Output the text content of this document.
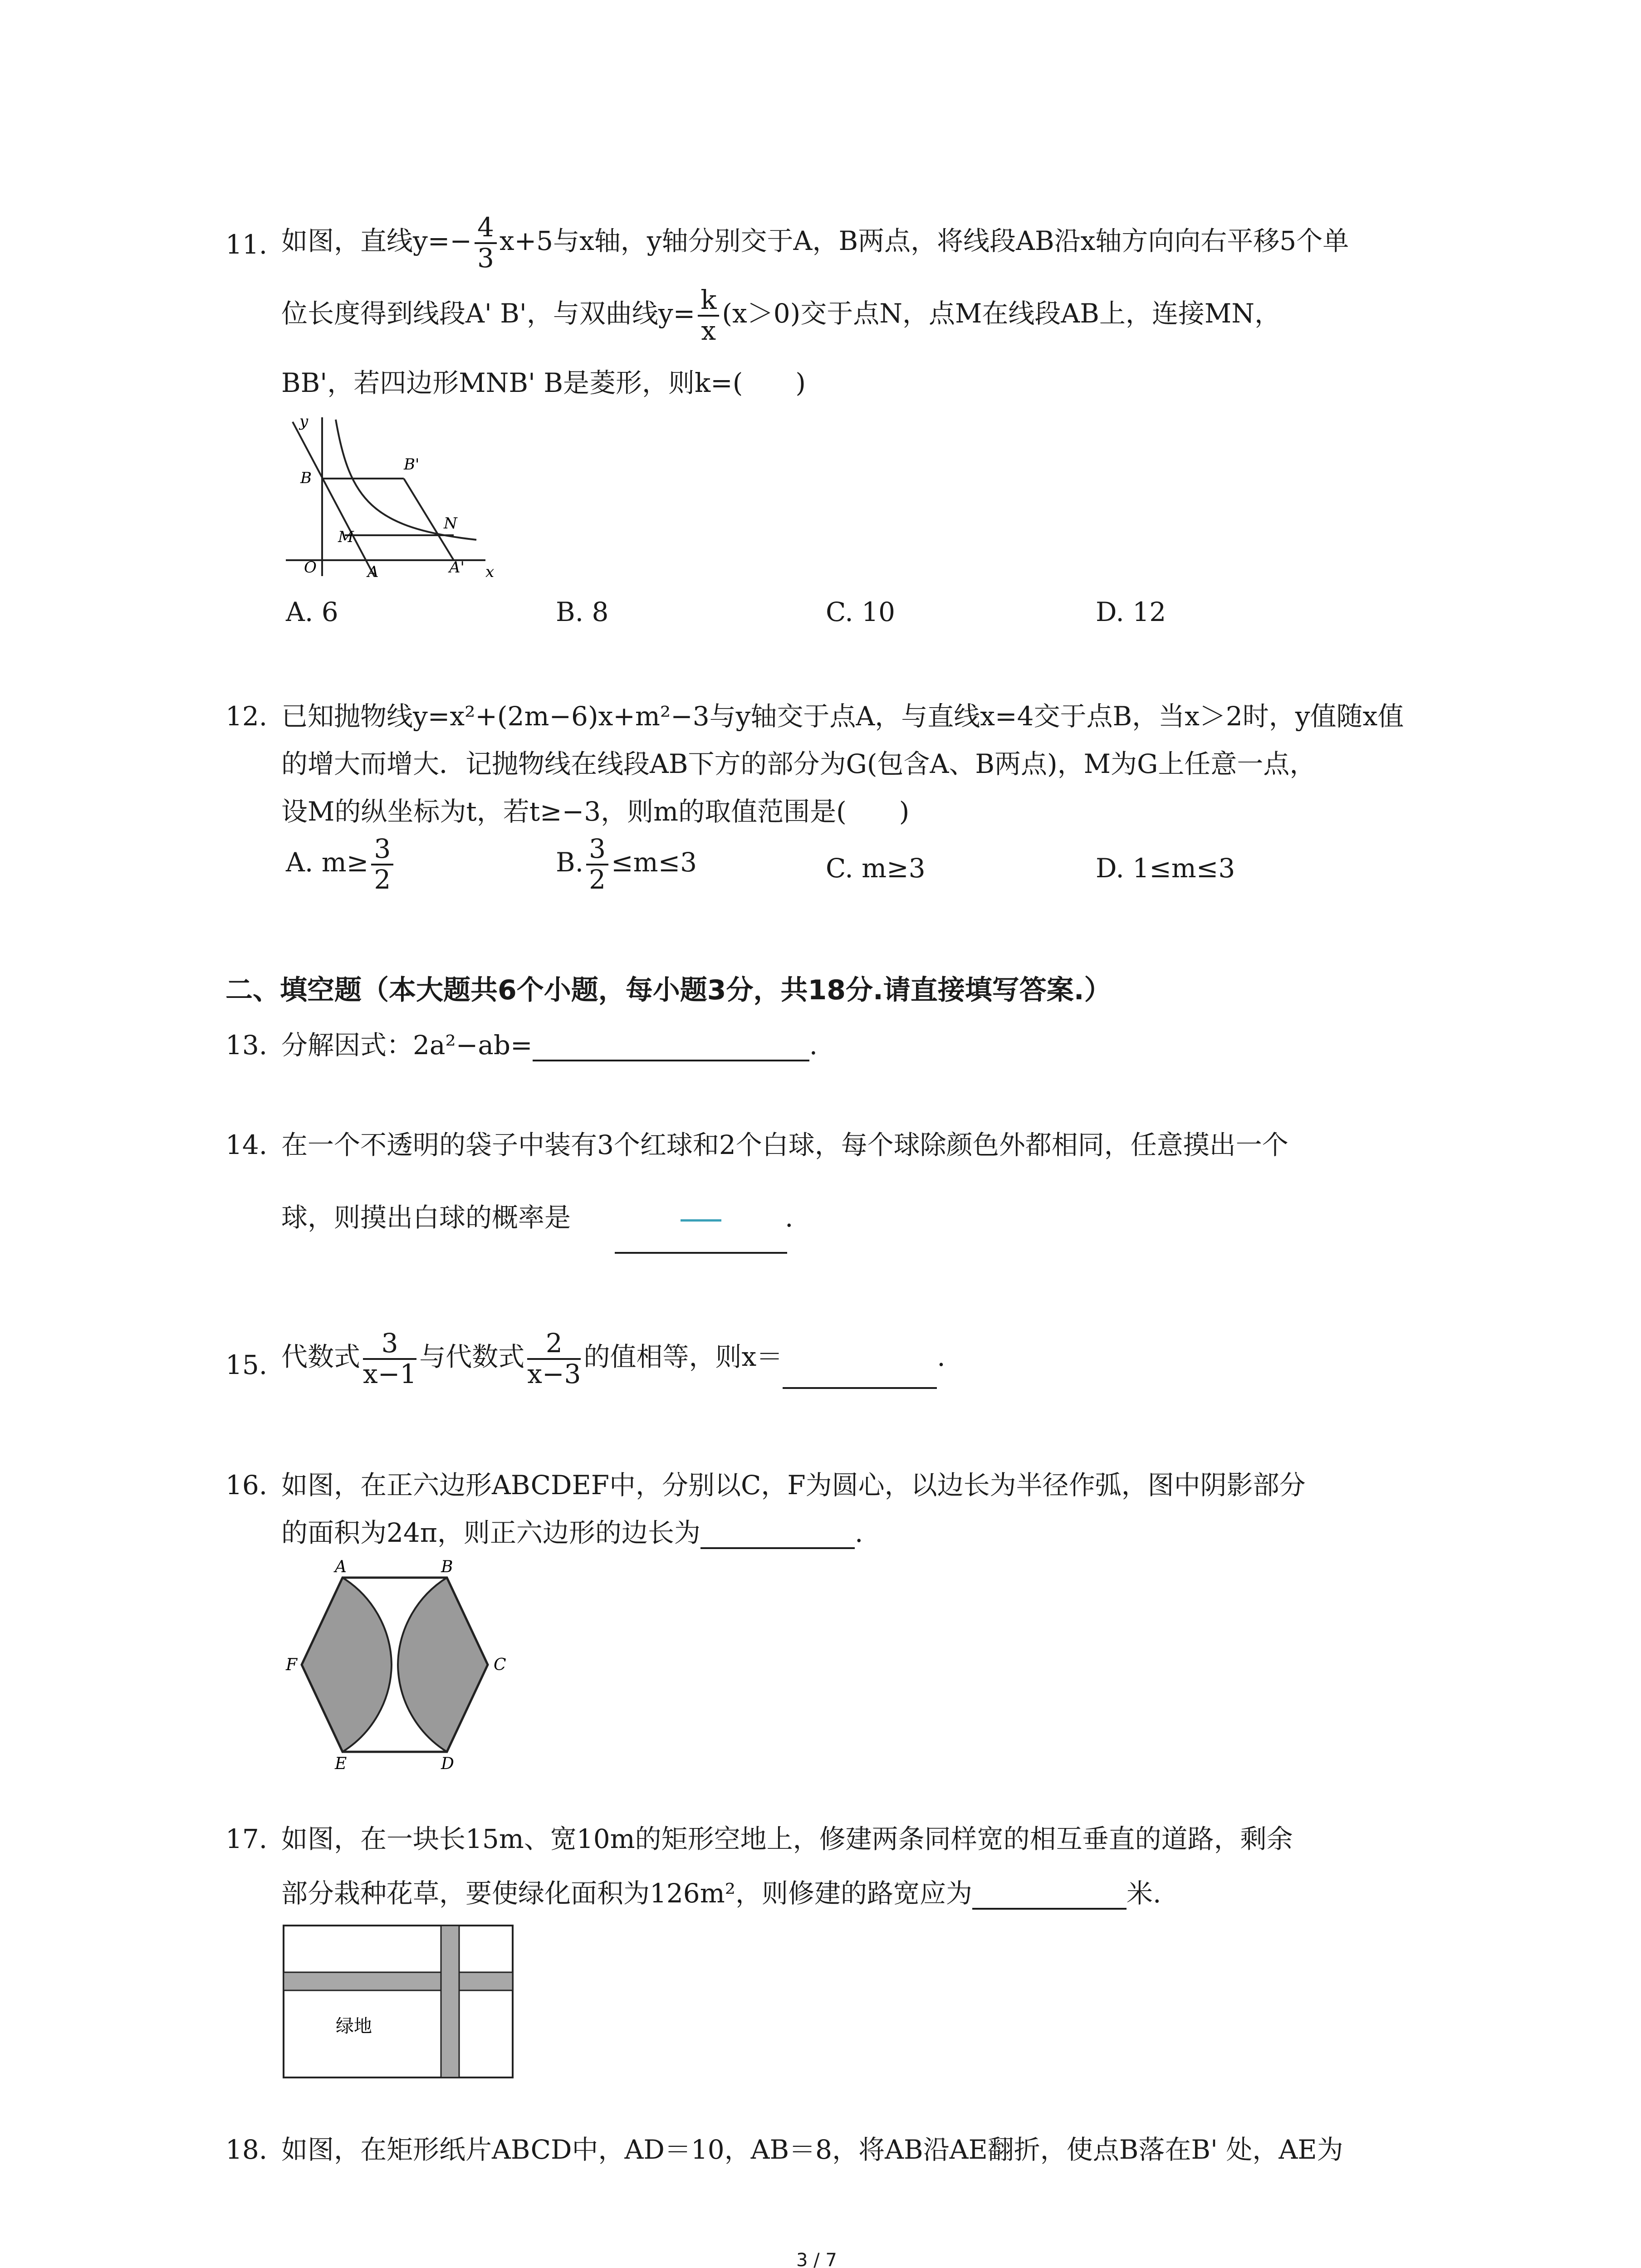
11. 如图，直线$y=- \frac{4}{3} x+5$与x轴，y轴分别交于A，B两点，将线段AB沿x轴方向向右平移5个单
位长度得到线段A' B'，与双曲线$y= \frac{k}{x} (x>0)$交于点N，点M在线段AB上，连接MN，
BB'，若四边形MNB' B是菱形，则k=(　　)
y
B
B'
M
N
O	A	A' x
A. 6	B. 8	C. 10	D. 12
12. 已知抛物线y=x²+(2m−6)x+m²−3与y轴交于点A，与直线x=4交于点B，当x＞2时，y值随x值
的增大而增大．记抛物线在线段AB下方的部分为G(包含A、B两点)，M为G上任意一点，
设M的纵坐标为t，若t≥−3，则m的取值范围是(　　)
A. $m\ge \frac{3}{2}$	B. $\frac{3}{2} \le m\le 3$	C. m≥3	D. 1≤m≤3
二、填空题（本大题共6个小题，每小题3分，共18分.请直接填写答案.）
13. 分解因式：2a²−ab=	.
14. 在一个不透明的袋子中装有3个红球和2个白球，每个球除颜色外都相同，任意摸出一个
球，则摸出白球的概率是	.
15. 代数式 $\frac{3}{x-1}$ 与代数式 $\frac{2}{x-3}$ 的值相等，则x＝	.
16. 如图，在正六边形ABCDEF中，分别以C，F为圆心，以边长为半径作弧，图中阴影部分
的面积为24π，则正六边形的边长为	.
A	B
C
D
E
F
17. 如图，在一块长15m、宽10m的矩形空地上，修建两条同样宽的相互垂直的道路，剩余
部分栽种花草，要使绿化面积为126m²，则修建的路宽应为	米.
绿地
18. 如图，在矩形纸片ABCD中，AD＝10，AB＝8，将AB沿AE翻折，使点B落在B' 处，AE为
3 / 7
